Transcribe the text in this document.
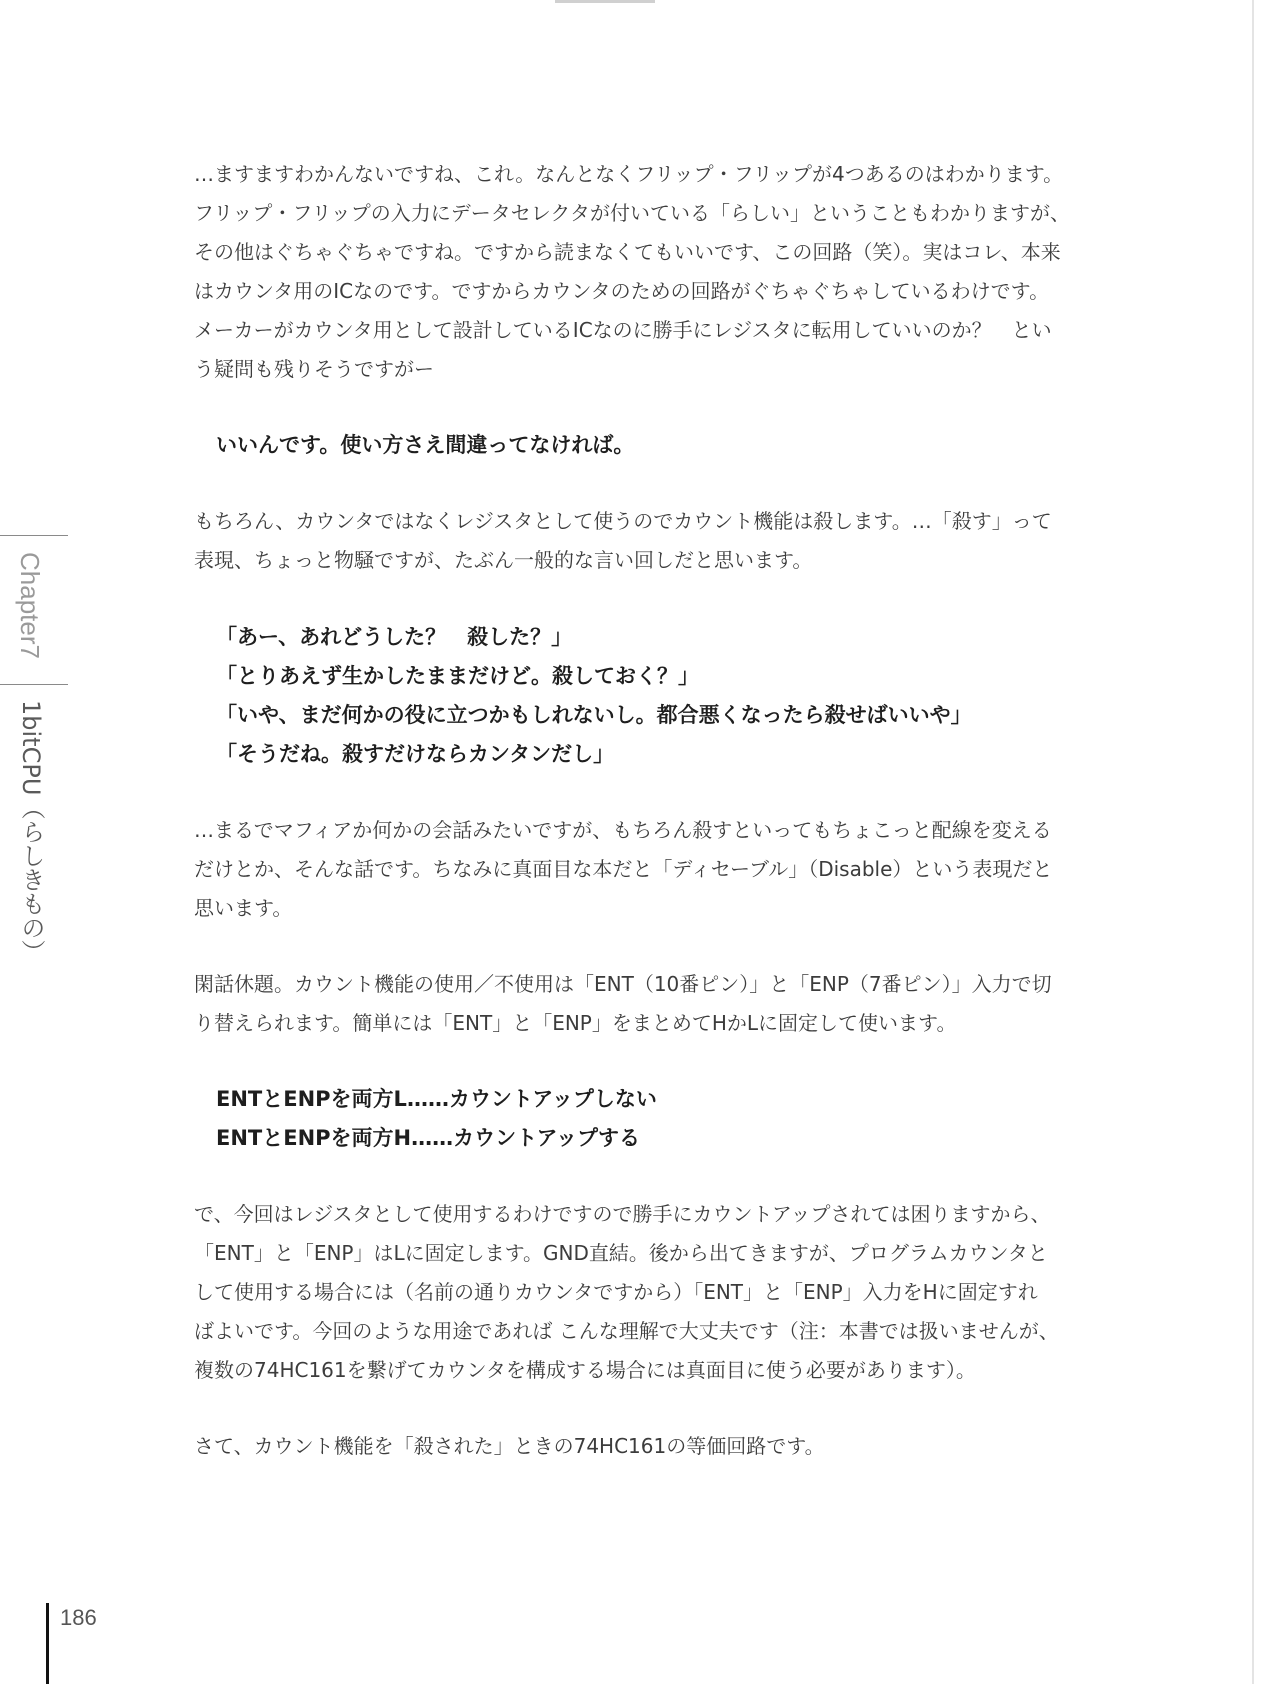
Chapter7
1bitCPU（らしきもの）

…ますますわかんないですね、これ。なんとなくフリップ・フリップが4つあるのはわかります。
フリップ・フリップの入力にデータセレクタが付いている「らしい」ということもわかりますが、
その他はぐちゃぐちゃですね。ですから読まなくてもいいです、この回路（笑）。実はコレ、本来
はカウンタ用のICなのです。ですからカウンタのための回路がぐちゃぐちゃしているわけです。
メーカーがカウンタ用として設計しているICなのに勝手にレジスタに転用していいのか？　とい
う疑問も残りそうですがー

いいんです。使い方さえ間違ってなければ。

もちろん、カウンタではなくレジスタとして使うのでカウント機能は殺します。…「殺す」って
表現、ちょっと物騒ですが、たぶん一般的な言い回しだと思います。

「あー、あれどうした？　殺した？」
「とりあえず生かしたままだけど。殺しておく？」
「いや、まだ何かの役に立つかもしれないし。都合悪くなったら殺せばいいや」
「そうだね。殺すだけならカンタンだし」

…まるでマフィアか何かの会話みたいですが、もちろん殺すといってもちょこっと配線を変える
だけとか、そんな話です。ちなみに真面目な本だと「ディセーブル」（Disable）という表現だと
思います。

閑話休題。カウント機能の使用／不使用は「ENT（10番ピン）」と「ENP（7番ピン）」入力で切
り替えられます。簡単には「ENT」と「ENP」をまとめてHかLに固定して使います。

ENTとENPを両方L……カウントアップしない
ENTとENPを両方H……カウントアップする

で、今回はレジスタとして使用するわけですので勝手にカウントアップされては困りますから、
「ENT」と「ENP」はLに固定します。GND直結。後から出てきますが、プログラムカウンタと
して使用する場合には（名前の通りカウンタですから）「ENT」と「ENP」入力をHに固定すれ
ばよいです。今回のような用途であれば こんな理解で大丈夫です（注：本書では扱いませんが、
複数の74HC161を繋げてカウンタを構成する場合には真面目に使う必要があります）。

さて、カウント機能を「殺された」ときの74HC161の等価回路です。

186
